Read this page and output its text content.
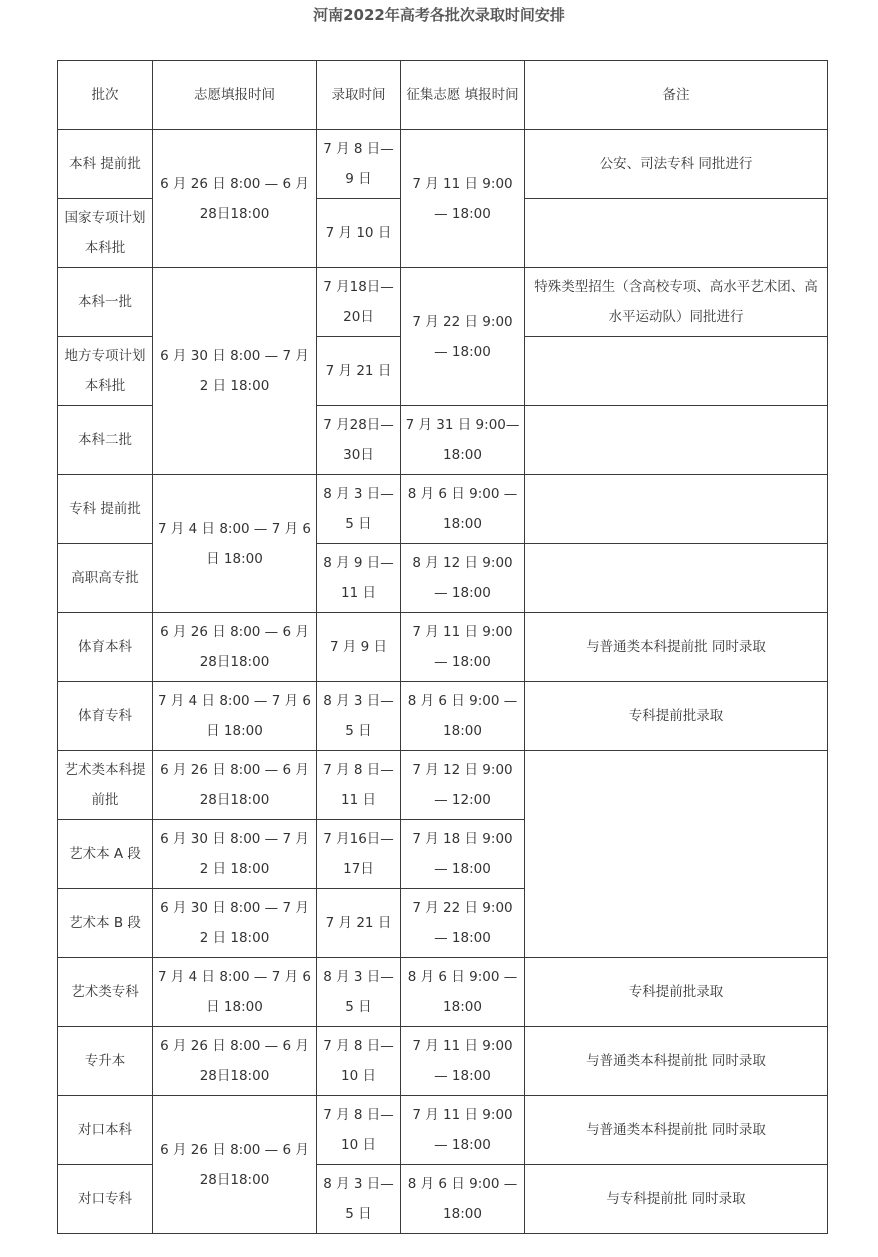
河南2022年高考各批次录取时间安排
批次	志愿填报时间	录取时间	征集志愿 填报时间	备注
本科 提前批	6 月 26 日 8:00 — 6 月 28日18:00	7 月 8 日—9 日	7 月 11 日 9:00 — 18:00	公安、司法专科 同批进行
国家专项计划本科批		7 月 10 日		
本科一批	6 月 30 日 8:00 — 7 月 2 日 18:00	7 月18日—20日	7 月 22 日 9:00 — 18:00	特殊类型招生（含高校专项、高水平艺术团、高水平运动队）同批进行
地方专项计划本科批		7 月 21 日		
本科二批		7 月28日—30日	7 月 31 日 9:00—18:00	
专科 提前批	7 月 4 日 8:00 — 7 月 6 日 18:00	8 月 3 日—5 日	8 月 6 日 9:00 — 18:00	
高职高专批		8 月 9 日—11 日	8 月 12 日 9:00 — 18:00	
体育本科	6 月 26 日 8:00 — 6 月 28日18:00	7 月 9 日	7 月 11 日 9:00 — 18:00	与普通类本科提前批 同时录取
体育专科	7 月 4 日 8:00 — 7 月 6 日 18:00	8 月 3 日—5 日	8 月 6 日 9:00 — 18:00	专科提前批录取
艺术类本科提前批	6 月 26 日 8:00 — 6 月 28日18:00	7 月 8 日—11 日	7 月 12 日 9:00 — 12:00	
艺术本 A 段	6 月 30 日 8:00 — 7 月 2 日 18:00	7 月16日—17日	7 月 18 日 9:00 — 18:00	
艺术本 B 段	6 月 30 日 8:00 — 7 月 2 日 18:00	7 月 21 日	7 月 22 日 9:00 — 18:00	
艺术类专科	7 月 4 日 8:00 — 7 月 6 日 18:00	8 月 3 日—5 日	8 月 6 日 9:00 — 18:00	专科提前批录取
专升本	6 月 26 日 8:00 — 6 月 28日18:00	7 月 8 日—10 日	7 月 11 日 9:00 — 18:00	与普通类本科提前批 同时录取
对口本科	6 月 26 日 8:00 — 6 月 28日18:00	7 月 8 日—10 日	7 月 11 日 9:00 — 18:00	与普通类本科提前批 同时录取
对口专科		8 月 3 日—5 日	8 月 6 日 9:00 — 18:00	与专科提前批 同时录取
